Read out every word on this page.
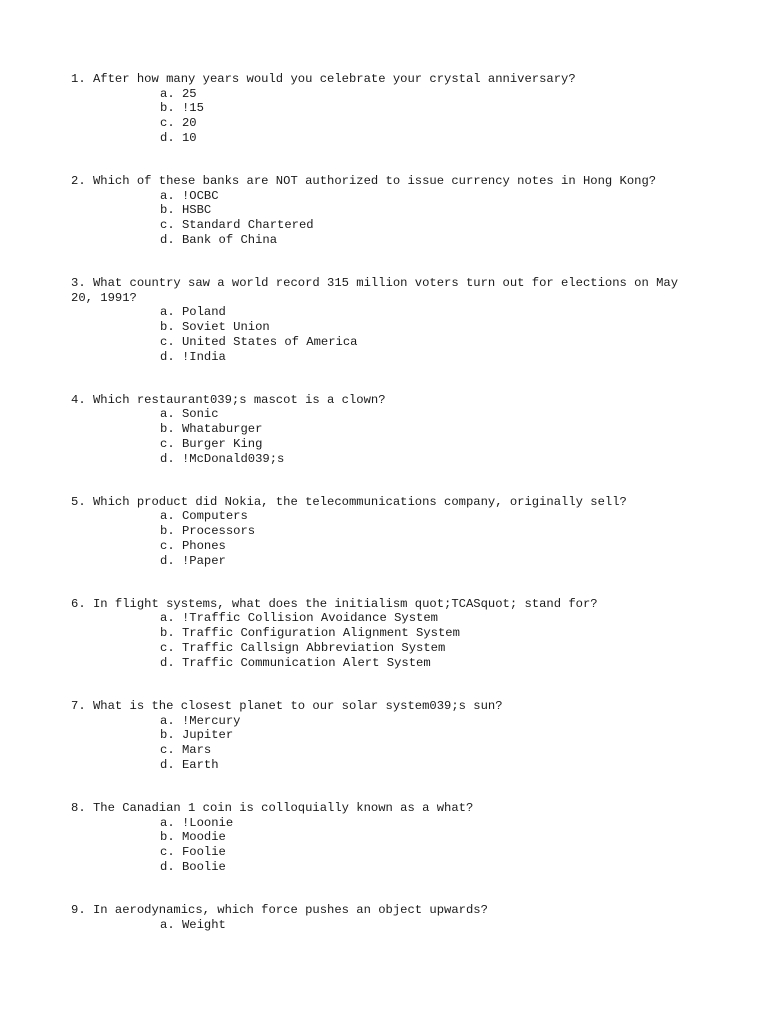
1. After how many years would you celebrate your crystal anniversary?

a. 25
b. !15
c. 20
d. 10

2. Which of these banks are NOT authorized to issue currency notes in Hong Kong?

a. !OCBC
b. HSBC
c. Standard Chartered
d. Bank of China

3. What country saw a world record 315 million voters turn out for elections on May 20, 1991?

a. Poland
b. Soviet Union
c. United States of America
d. !India

4. Which restaurant039;s mascot is a clown?

a. Sonic
b. Whataburger
c. Burger King
d. !McDonald039;s

5. Which product did Nokia, the telecommunications company, originally sell?

a. Computers
b. Processors
c. Phones
d. !Paper

6. In flight systems, what does the initialism quot;TCASquot; stand for?

a. !Traffic Collision Avoidance System
b. Traffic Configuration Alignment System
c. Traffic Callsign Abbreviation System
d. Traffic Communication Alert System

7. What is the closest planet to our solar system039;s sun?

a. !Mercury
b. Jupiter
c. Mars
d. Earth

8. The Canadian 1 coin is colloquially known as a what?

a. !Loonie
b. Moodie
c. Foolie
d. Boolie

9. In aerodynamics, which force pushes an object upwards?

a. Weight
